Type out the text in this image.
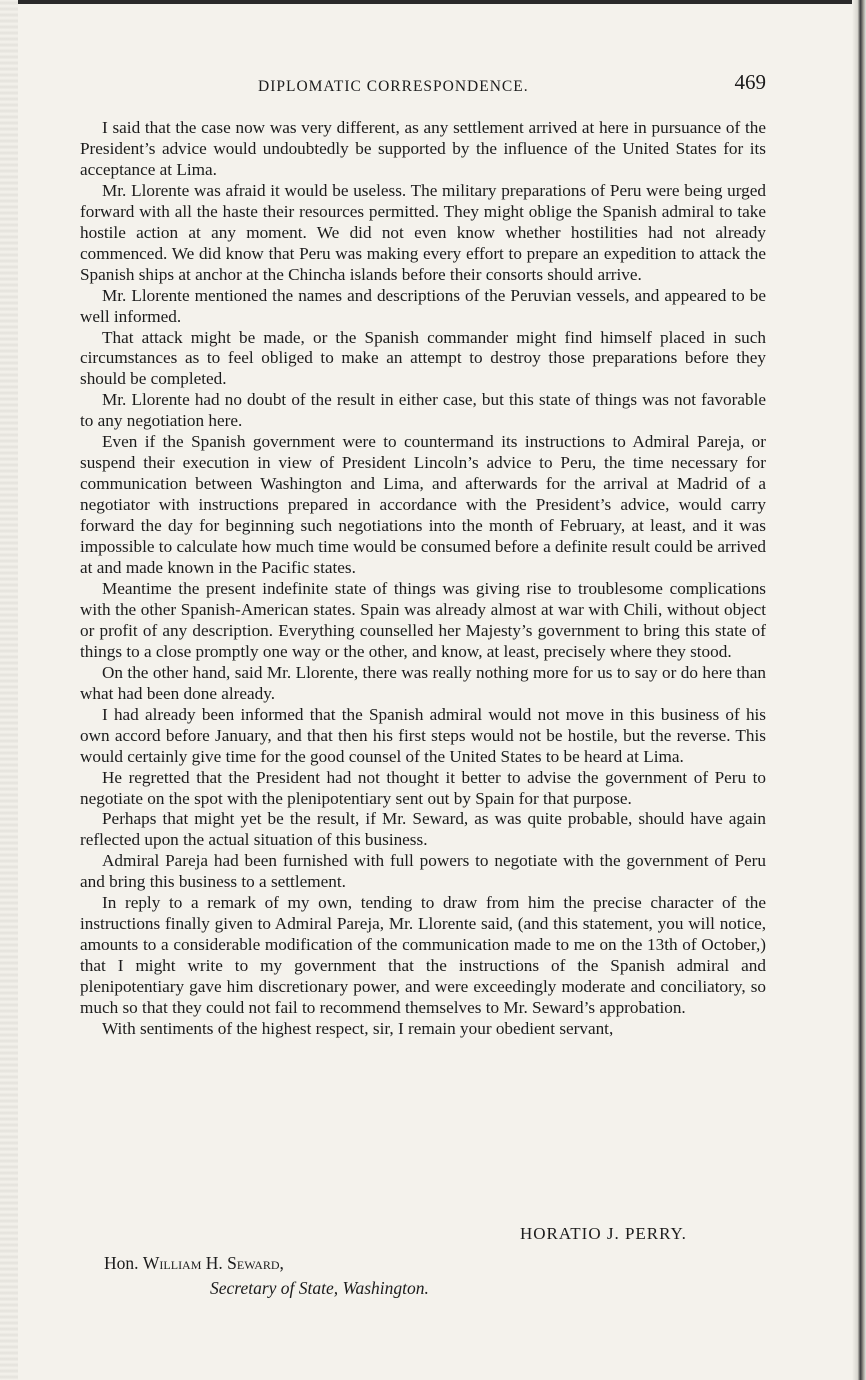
DIPLOMATIC CORRESPONDENCE.	469

I said that the case now was very different, as any settlement arrived at here in pursuance of the President’s advice would undoubtedly be supported by the influence of the United States for its acceptance at Lima.

Mr. Llorente was afraid it would be useless. The military preparations of Peru were being urged forward with all the haste their resources permitted. They might oblige the Spanish admiral to take hostile action at any moment. We did not even know whether hostilities had not already commenced. We did know that Peru was making every effort to prepare an expedition to attack the Spanish ships at anchor at the Chincha islands before their consorts should arrive.

Mr. Llorente mentioned the names and descriptions of the Peruvian vessels, and appeared to be well informed.

That attack might be made, or the Spanish commander might find himself placed in such circumstances as to feel obliged to make an attempt to destroy those preparations before they should be completed.

Mr. Llorente had no doubt of the result in either case, but this state of things was not favorable to any negotiation here.

Even if the Spanish government were to countermand its instructions to Admiral Pareja, or suspend their execution in view of President Lincoln’s advice to Peru, the time necessary for communication between Washington and Lima, and afterwards for the arrival at Madrid of a negotiator with instructions prepared in accordance with the President’s advice, would carry forward the day for beginning such negotiations into the month of February, at least, and it was impossible to calculate how much time would be consumed before a definite result could be arrived at and made known in the Pacific states.

Meantime the present indefinite state of things was giving rise to troublesome complications with the other Spanish-American states. Spain was already almost at war with Chili, without object or profit of any description. Everything counselled her Majesty’s government to bring this state of things to a close promptly one way or the other, and know, at least, precisely where they stood.

On the other hand, said Mr. Llorente, there was really nothing more for us to say or do here than what had been done already.

I had already been informed that the Spanish admiral would not move in this business of his own accord before January, and that then his first steps would not be hostile, but the reverse. This would certainly give time for the good counsel of the United States to be heard at Lima.

He regretted that the President had not thought it better to advise the government of Peru to negotiate on the spot with the plenipotentiary sent out by Spain for that purpose.

Perhaps that might yet be the result, if Mr. Seward, as was quite probable, should have again reflected upon the actual situation of this business.

Admiral Pareja had been furnished with full powers to negotiate with the government of Peru and bring this business to a settlement.

In reply to a remark of my own, tending to draw from him the precise character of the instructions finally given to Admiral Pareja, Mr. Llorente said, (and this statement, you will notice, amounts to a considerable modification of the communication made to me on the 13th of October,) that I might write to my government that the instructions of the Spanish admiral and plenipotentiary gave him discretionary power, and were exceedingly moderate and conciliatory, so much so that they could not fail to recommend themselves to Mr. Seward’s approbation.

With sentiments of the highest respect, sir, I remain your obedient servant,

HORATIO J. PERRY.
Hon. William H. Seward,
Secretary of State, Washington.
